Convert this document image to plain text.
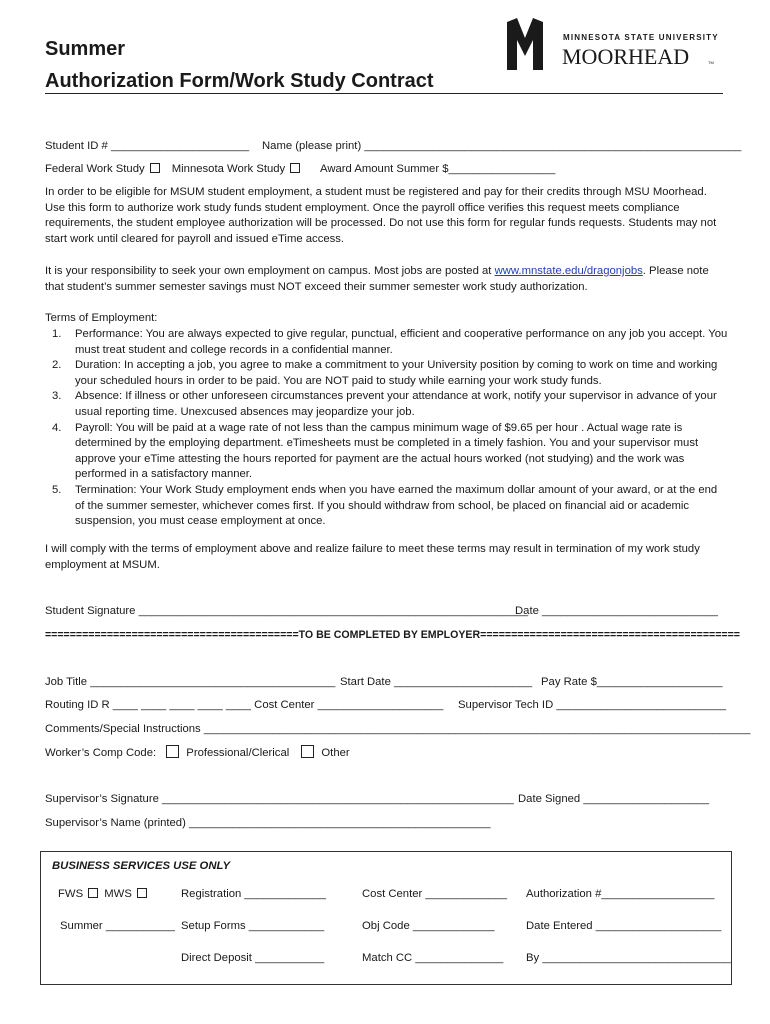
Summer
Authorization Form/Work Study Contract
M
MINNESOTA STATE UNIVERSITY
MOORHEAD	TM
Student ID # ______________________ Name (please print) ____________________________________________________________
Federal Work Study Minnesota Work Study	Award Amount Summer $_________________
In order to be eligible for MSUM student employment, a student must be registered and pay for their credits through MSU Moorhead. Use this form to authorize work study funds student employment. Once the payroll office verifies this request meets compliance requirements, the student employee authorization will be processed. Do not use this form for regular funds requests. Students may not start work until cleared for payroll and issued eTime access.
It is your responsibility to seek your own employment on campus. Most jobs are posted at www.mnstate.edu/dragonjobs. Please note that student’s summer semester savings must NOT exceed their summer semester work study authorization.
Terms of Employment:
1. Performance: You are always expected to give regular, punctual, efficient and cooperative performance on any job you accept. You must treat student and college records in a confidential manner.
2. Duration: In accepting a job, you agree to make a commitment to your University position by coming to work on time and working your scheduled hours in order to be paid. You are NOT paid to study while earning your work study funds.
3. Absence: If illness or other unforeseen circumstances prevent your attendance at work, notify your supervisor in advance of your usual reporting time. Unexcused absences may jeopardize your job.
4. Payroll: You will be paid at a wage rate of not less than the campus minimum wage of $9.65 per hour . Actual wage rate is determined by the employing department. eTimesheets must be completed in a timely fashion. You and your supervisor must approve your eTime attesting the hours reported for payment are the actual hours worked (not studying) and the work was performed in a satisfactory manner.
5. Termination: Your Work Study employment ends when you have earned the maximum dollar amount of your award, or at the end of the summer semester, whichever comes first. If you should withdraw from school, be placed on financial aid or academic suspension, you must cease employment at once.
I will comply with the terms of employment above and realize failure to meet these terms may result in termination of my work study employment at MSUM.
Student Signature ______________________________________________________________
Date ____________________________
=========================================TO BE COMPLETED BY EMPLOYER==========================================
Job Title _______________________________________ Start Date ______________________ Pay Rate $____________________
Routing ID R ____ ____ ____ ____ ____ Cost Center ____________________ Supervisor Tech ID ___________________________
Comments/Special Instructions _______________________________________________________________________________________
Worker’s Comp Code:	Professional/Clerical	Other
Supervisor’s Signature ________________________________________________________ Date Signed ____________________
Supervisor’s Name (printed) ________________________________________________
BUSINESS SERVICES USE ONLY
FWS MWS	Registration _____________	Cost Center _____________ Authorization #__________________
Summer ___________ Setup Forms ____________	Obj Code _____________	Date Entered ____________________
Direct Deposit ___________	Match CC ______________ By ______________________________
